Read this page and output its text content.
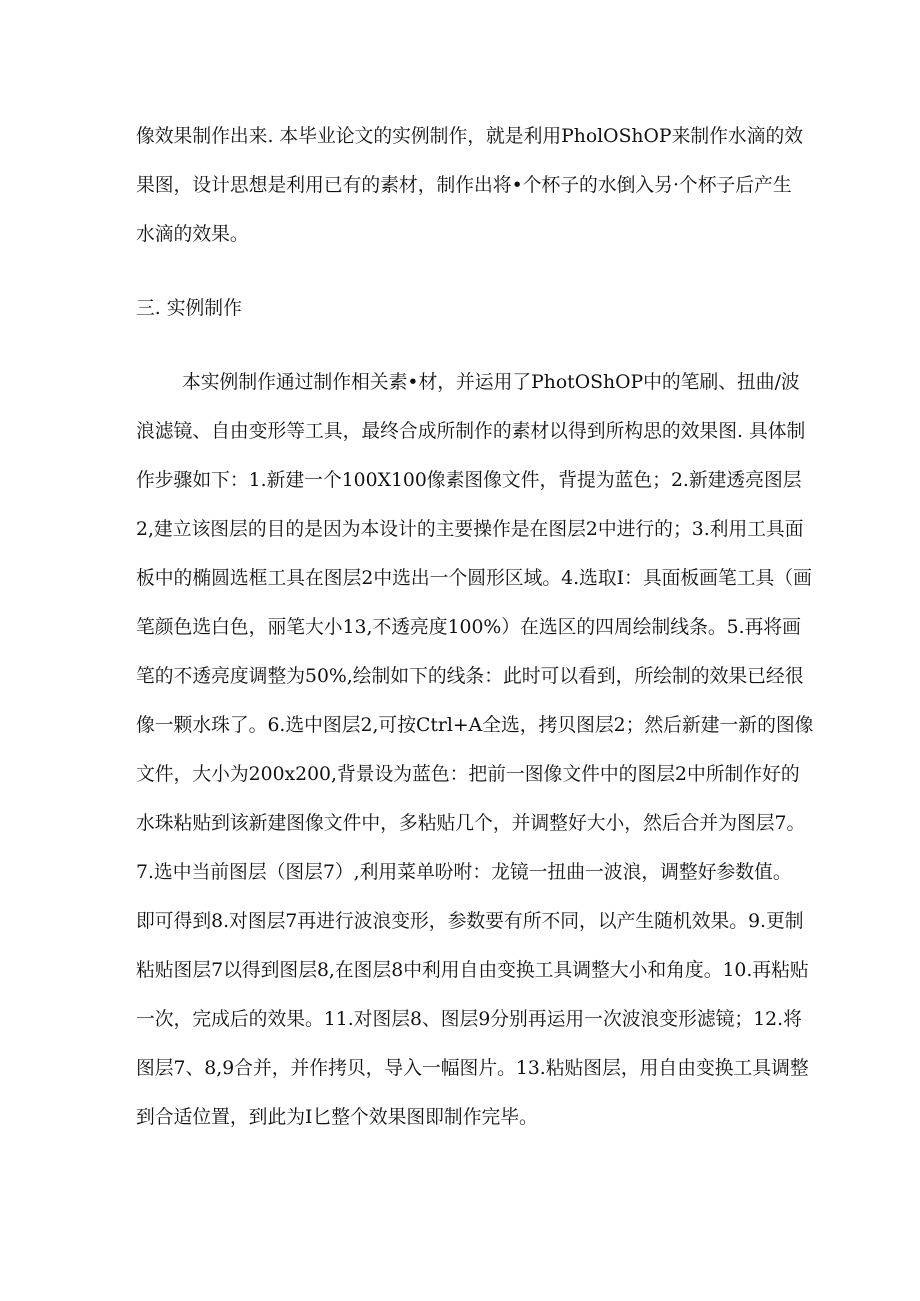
像效果制作出来. 本毕业论文的实例制作，就是利用PholOShOP来制作水滴的效
果图，设计思想是利用已有的素材，制作出将•个杯子的水倒入另·个杯子后产生
水滴的效果。
三. 实例制作
本实例制作通过制作相关素•材，并运用了PhotOShOP中的笔刷、扭曲/波
浪滤镜、自由变形等工具，最终合成所制作的素材以得到所构思的效果图. 具体制
作步骤如下：1.新建一个100X100像素图像文件，背提为蓝色；2.新建透亮图层
2,建立该图层的目的是因为本设计的主要操作是在图层2中进行的；3.利用工具面
板中的椭圆选框工具在图层2中选出一个圆形区域。4.选取I：具面板画笔工具（画
笔颜色选白色，丽笔大小13,不透亮度100%）在选区的四周绘制线条。5.再将画
笔的不透亮度调整为50%,绘制如下的线条：此时可以看到，所绘制的效果已经很
像一颗水珠了。6.选中图层2,可按Ctrl+A全选，拷贝图层2；然后新建一新的图像
文件，大小为200x200,背景设为蓝色：把前一图像文件中的图层2中所制作好的
水珠粘贴到该新建图像文件中，多粘贴几个，并调整好大小，然后合并为图层7。
7.选中当前图层（图层7）,利用菜单吩咐：龙镜一扭曲一波浪，调整好参数值。
即可得到8.对图层7再进行波浪变形，参数要有所不同，以产生随机效果。9.更制
粘贴图层7以得到图层8,在图层8中利用自由变换工具调整大小和角度。10.再粘贴
一次，完成后的效果。11.对图层8、图层9分别再运用一次波浪变形滤镜；12.将
图层7、8,9合并，并作拷贝，导入一幅图片。13.粘贴图层，用自由变换工具调整
到合适位置，到此为I匕整个效果图即制作完毕。
